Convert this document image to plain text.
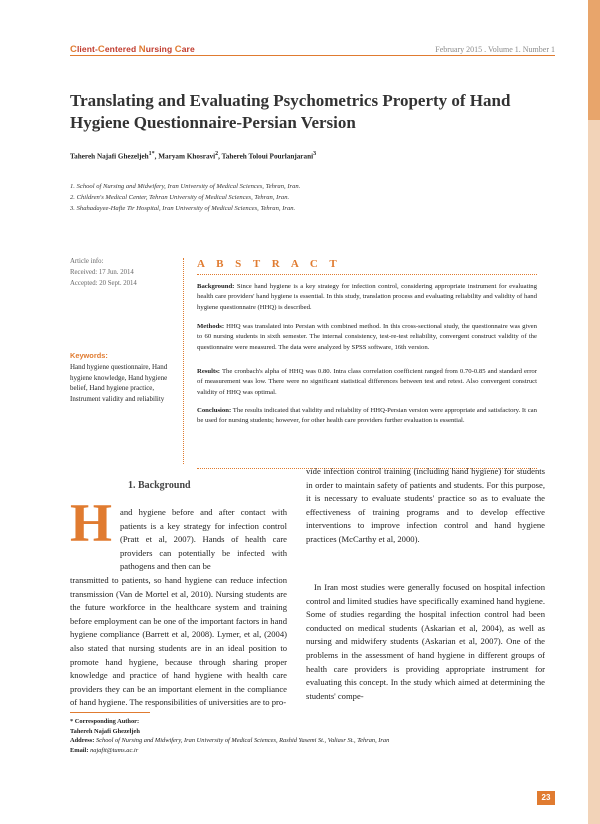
Client-Centered Nursing Care	February 2015 . Volume 1. Number 1
Translating and Evaluating Psychometrics Property of Hand Hygiene Questionnaire-Persian Version
Tahereh Najafi Ghezeljeh$^{1*}$, Maryam Khosravi$^2$, Tahereh Toloui Pourlanjarani$^3$
1. School of Nursing and Midwifery, Iran University of Medical Sciences, Tehran, Iran.
2. Children's Medical Center, Tehran University of Medical Sciences, Tehran, Iran.
3. Shahadayee-Hafte Tir Hospital, Iran University of Medical Sciences, Tehran, Iran.
Article info:
Received: 17 Jun. 2014
Accepted: 20 Sept. 2014
Keywords:
Hand hygiene questionnaire, Hand hygiene knowledge, Hand hygiene belief, Hand hygiene practice, Instrument validity and reliability
A B S T R A C T
Background: Since hand hygiene is a key strategy for infection control, considering appropriate instrument for evaluating health care providers' hand hygiene is essential. In this study, translation process and evaluating reliability and validity of hand hygiene questionnaire (HHQ) is described.
Methods: HHQ was translated into Persian with combined method. In this cross-sectional study, the questionnaire was given to 60 nursing students in sixth semester. The internal consistency, test-re-test reliability, convergent construct validity of the questionnaire were measured. The data were analyzed by SPSS software, 16th version.
Results: The cronbach's alpha of HHQ was 0.80. Intra class correlation coefficient ranged from 0.70-0.85 and standard error of measurement was low. There were no significant statistical differences between test and retest. Also convergent construct validity of HHQ was optimal.
Conclusion: The results indicated that validity and reliability of HHQ-Persian version were appropriate and satisfactory. It can be used for nursing students; however, for other health care providers further evaluation is essential.
1. Background
H and hygiene before and after contact with patients is a key strategy for infection control (Pratt et al, 2007). Hands of health care providers can potentially be infected with pathogens and then can be

transmitted to patients, so hand hygiene can reduce infection transmission (Van de Mortel et al, 2010). Nursing students are the future workforce in the healthcare system and training before employment can be one of the important factors in hand hygiene compliance (Barrett et al, 2008). Lymer, et al, (2004) also stated that nursing students are in an ideal position to promote hand hygiene, because through sharing proper knowledge and practice of hand hygiene with health care providers they can be an important element in the compliance of hand hygiene. The responsibilities of universities are to pro-

vide infection control training (including hand hygiene) for students in order to maintain safety of patients and students. For this purpose, it is necessary to evaluate students' practice so as to evaluate the effectiveness of training programs and to develop effective interventions to improve infection control and hand hygiene practices (McCarthy et al, 2000).

In Iran most studies were generally focused on hospital infection control and limited studies have specifically examined hand hygiene. Some of studies regarding the hospital infection control had been conducted on medical students (Askarian et al, 2004), as well as nursing and midwifery students (Askarian et al, 2007). One of the problems in the assessment of hand hygiene in different groups of health care providers is providing appropriate instrument for evaluating this concept. In the study which aimed at determining the students' compe-

* Corresponding Author:
Tahereh Najafi Ghezeljeh
Address: School of Nursing and Midwifery, Iran University of Medical Sciences, Rashid Yasemi St., Valiasr St., Tehran, Iran
Email: najafit@tums.ac.ir
23
